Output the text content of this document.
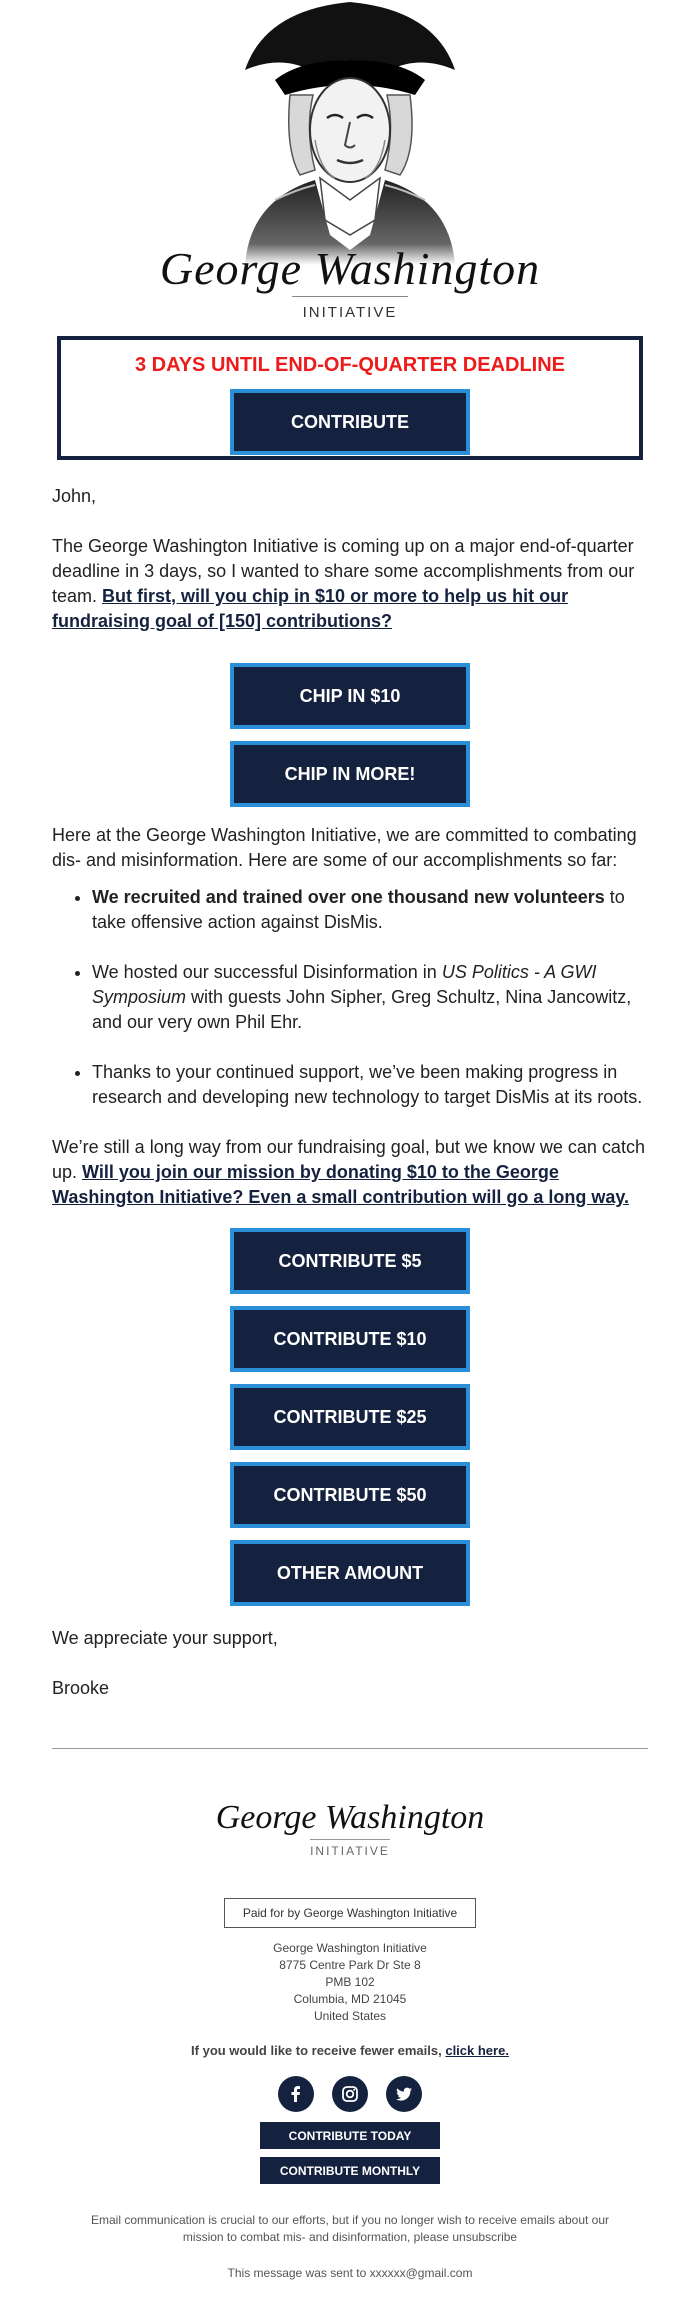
George Washington
INITIATIVE
3 DAYS UNTIL END-OF-QUARTER DEADLINE
CONTRIBUTE

John,

The George Washington Initiative is coming up on a major end-of-quarter deadline in 3 days, so I wanted to share some accomplishments from our team. But first, will you chip in $10 or more to help us hit our fundraising goal of [150] contributions?

CHIP IN $10
CHIP IN MORE!

Here at the George Washington Initiative, we are committed to combating dis- and misinformation. Here are some of our accomplishments so far:

• We recruited and trained over one thousand new volunteers to take offensive action against DisMis.
• We hosted our successful Disinformation in US Politics - A GWI Symposium with guests John Sipher, Greg Schultz, Nina Jancowitz, and our very own Phil Ehr.
• Thanks to your continued support, we’ve been making progress in research and developing new technology to target DisMis at its roots.

We’re still a long way from our fundraising goal, but we know we can catch up. Will you join our mission by donating $10 to the George Washington Initiative? Even a small contribution will go a long way.

CONTRIBUTE $5
CONTRIBUTE $10
CONTRIBUTE $25
CONTRIBUTE $50
OTHER AMOUNT

We appreciate your support,

Brooke

George Washington
INITIATIVE
Paid for by George Washington Initiative
George Washington Initiative
8775 Centre Park Dr Ste 8
PMB 102
Columbia, MD 21045
United States
If you would like to receive fewer emails, click here.
CONTRIBUTE TODAY
CONTRIBUTE MONTHLY
Email communication is crucial to our efforts, but if you no longer wish to receive emails about our mission to combat mis- and disinformation, please unsubscribe
This message was sent to xxxxxx@gmail.com
